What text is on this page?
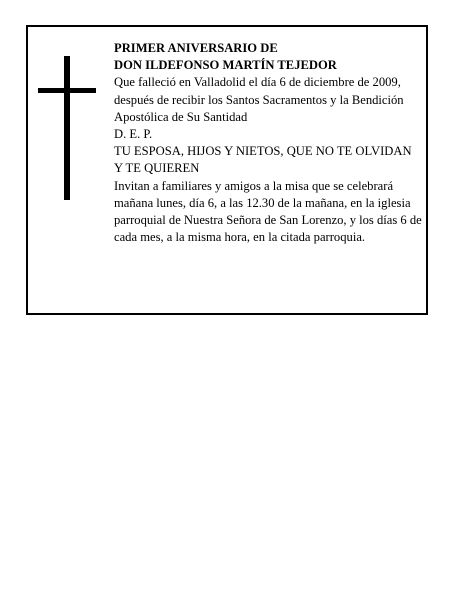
PRIMER ANIVERSARIO DE

DON ILDEFONSO MARTÍN TEJEDOR

Que falleció en Valladolid el día 6 de diciembre de 2009, después de recibir los Santos Sacramentos y la Bendición Apostólica de Su Santidad

D. E. P.

TU ESPOSA, HIJOS Y NIETOS, QUE NO TE OLVIDAN Y TE QUIEREN

Invitan a familiares y amigos a la misa que se celebrará mañana lunes, día 6, a las 12.30 de la mañana, en la iglesia parroquial de Nuestra Señora de San Lorenzo, y los días 6 de cada mes, a la misma hora, en la citada parroquia.
